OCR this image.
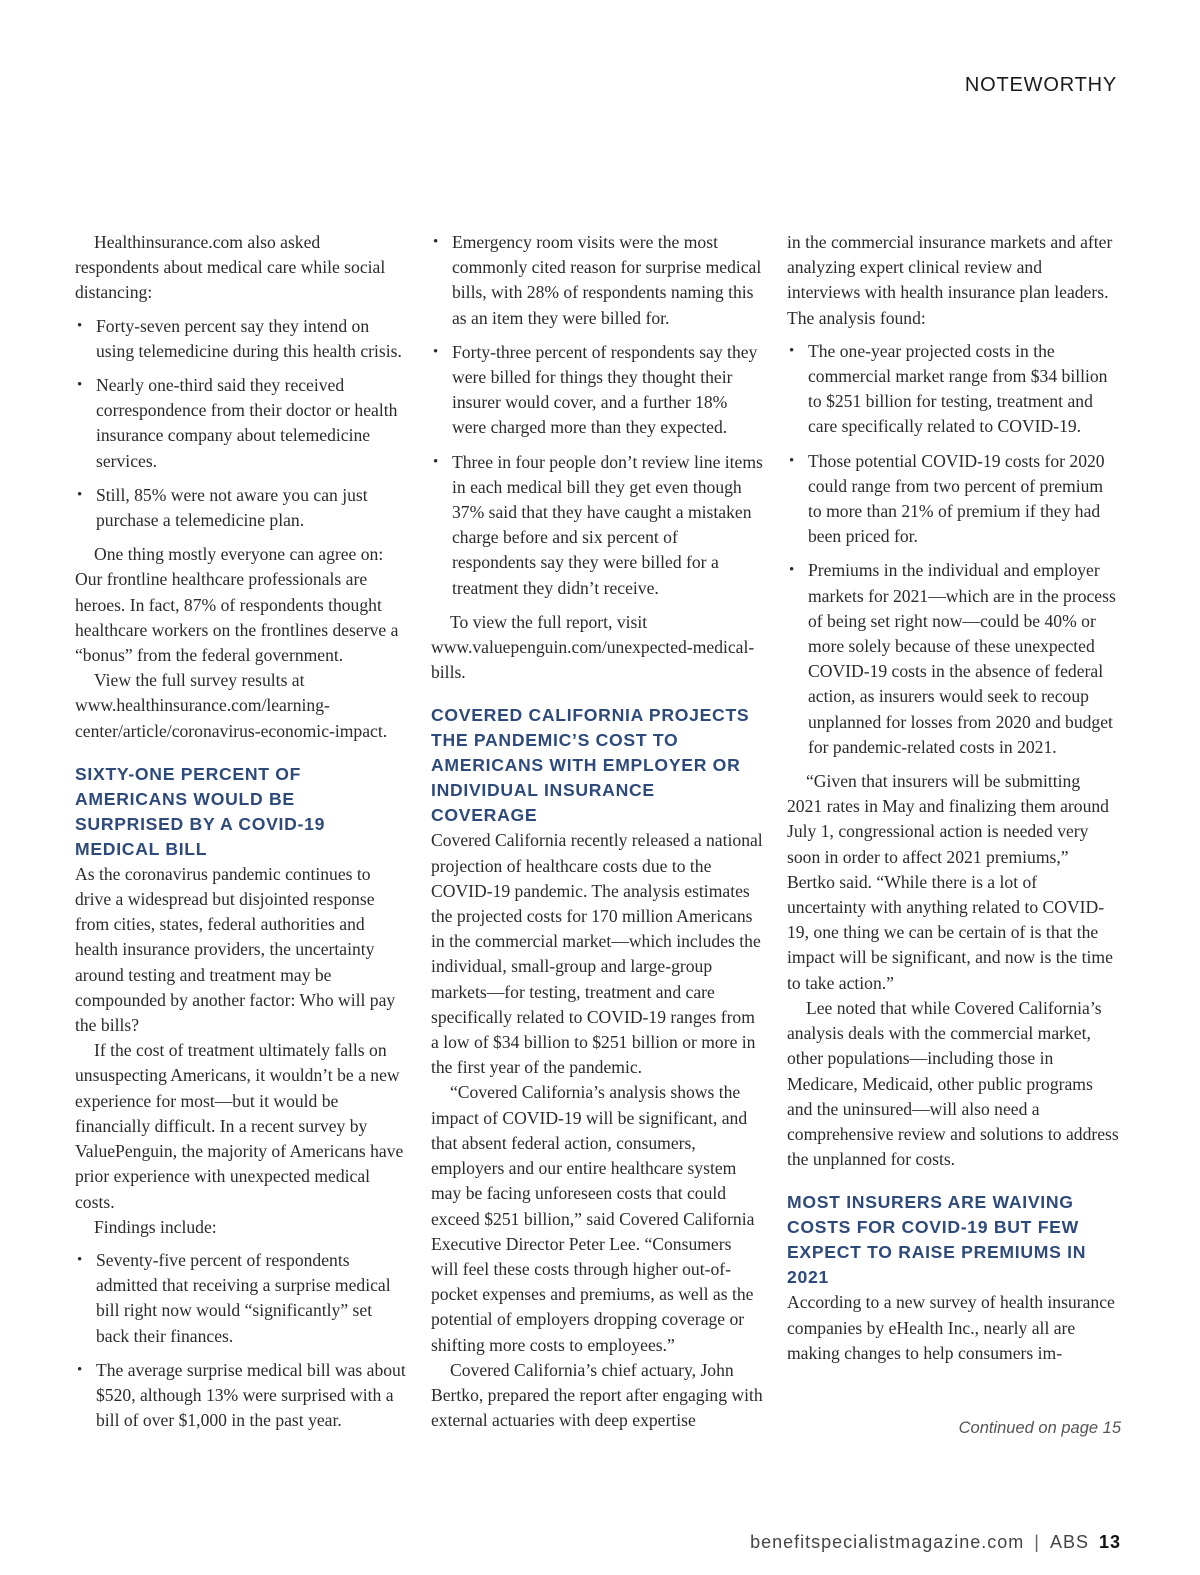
NOTEWORTHY

Healthinsurance.com also asked respondents about medical care while social distancing:

• Forty-seven percent say they intend on using telemedicine during this health crisis.
• Nearly one-third said they received correspondence from their doctor or health insurance company about telemedicine services.
• Still, 85% were not aware you can just purchase a telemedicine plan.

One thing mostly everyone can agree on: Our frontline healthcare professionals are heroes. In fact, 87% of respondents thought healthcare workers on the frontlines deserve a “bonus” from the federal government.

View the full survey results at www.healthinsurance.com/learning-center/article/coronavirus-economic-impact.

SIXTY-ONE PERCENT OF AMERICANS WOULD BE SURPRISED BY A COVID-19 MEDICAL BILL

As the coronavirus pandemic continues to drive a widespread but disjointed response from cities, states, federal authorities and health insurance providers, the uncertainty around testing and treatment may be compounded by another factor: Who will pay the bills?

If the cost of treatment ultimately falls on unsuspecting Americans, it wouldn’t be a new experience for most—but it would be financially difficult. In a recent survey by ValuePenguin, the majority of Americans have prior experience with unexpected medical costs.

Findings include:

• Seventy-five percent of respondents admitted that receiving a surprise medical bill right now would “significantly” set back their finances.
• The average surprise medical bill was about $520, although 13% were surprised with a bill of over $1,000 in the past year.
• Emergency room visits were the most commonly cited reason for surprise medical bills, with 28% of respondents naming this as an item they were billed for.
• Forty-three percent of respondents say they were billed for things they thought their insurer would cover, and a further 18% were charged more than they expected.
• Three in four people don’t review line items in each medical bill they get even though 37% said that they have caught a mistaken charge before and six percent of respondents say they were billed for a treatment they didn’t receive.

To view the full report, visit www.valuepenguin.com/unexpected-medical-bills.

COVERED CALIFORNIA PROJECTS THE PANDEMIC’S COST TO AMERICANS WITH EMPLOYER OR INDIVIDUAL INSURANCE COVERAGE

Covered California recently released a national projection of healthcare costs due to the COVID-19 pandemic. The analysis estimates the projected costs for 170 million Americans in the commercial market—which includes the individual, small-group and large-group markets—for testing, treatment and care specifically related to COVID-19 ranges from a low of $34 billion to $251 billion or more in the first year of the pandemic.

“Covered California’s analysis shows the impact of COVID-19 will be significant, and that absent federal action, consumers, employers and our entire healthcare system may be facing unforeseen costs that could exceed $251 billion,” said Covered California Executive Director Peter Lee. “Consumers will feel these costs through higher out-of-pocket expenses and premiums, as well as the potential of employers dropping coverage or shifting more costs to employees.”

Covered California’s chief actuary, John Bertko, prepared the report after engaging with external actuaries with deep expertise

in the commercial insurance markets and after analyzing expert clinical review and interviews with health insurance plan leaders. The analysis found:

• The one-year projected costs in the commercial market range from $34 billion to $251 billion for testing, treatment and care specifically related to COVID-19.
• Those potential COVID-19 costs for 2020 could range from two percent of premium to more than 21% of premium if they had been priced for.
• Premiums in the individual and employer markets for 2021—which are in the process of being set right now—could be 40% or more solely because of these unexpected COVID-19 costs in the absence of federal action, as insurers would seek to recoup unplanned for losses from 2020 and budget for pandemic-related costs in 2021.

“Given that insurers will be submitting 2021 rates in May and finalizing them around July 1, congressional action is needed very soon in order to affect 2021 premiums,” Bertko said. “While there is a lot of uncertainty with anything related to COVID-19, one thing we can be certain of is that the impact will be significant, and now is the time to take action.”

Lee noted that while Covered California’s analysis deals with the commercial market, other populations—including those in Medicare, Medicaid, other public programs and the uninsured—will also need a comprehensive review and solutions to address the unplanned for costs.

MOST INSURERS ARE WAIVING COSTS FOR COVID-19 BUT FEW EXPECT TO RAISE PREMIUMS IN 2021

According to a new survey of health insurance companies by eHealth Inc., nearly all are making changes to help consumers im-

Continued on page 15
benefitspecialistmagazine.com | ABS 13
